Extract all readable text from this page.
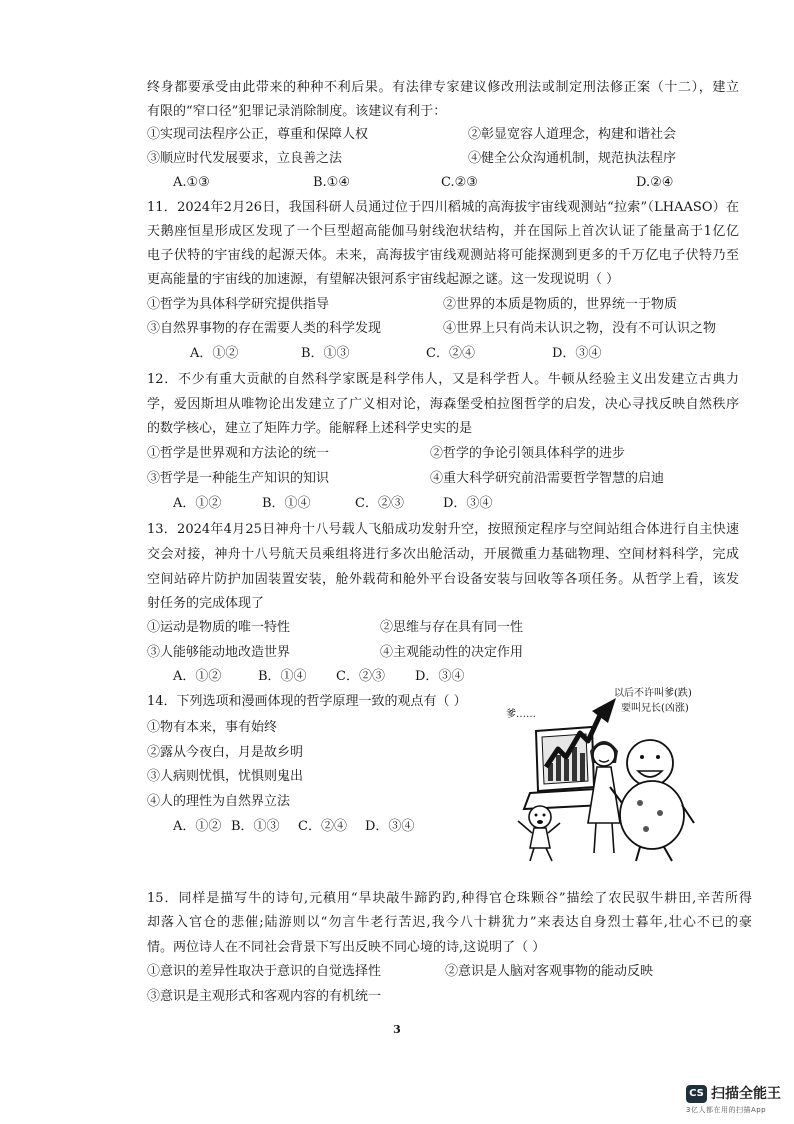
终身都要承受由此带来的种种不利后果。有法律专家建议修改刑法或制定刑法修正案（十二），建立
有限的“窄口径”犯罪记录消除制度。该建议有利于：
①实现司法程序公正，尊重和保障人权	②彰显宽容人道理念，构建和谐社会
③顺应时代发展要求，立良善之法	④健全公众沟通机制，规范执法程序
A.①③	B.①④	C.②③	D.②④
11．2024年2月26日，我国科研人员通过位于四川稻城的高海拔宇宙线观测站“拉索”（LHAASO）在
天鹅座恒星形成区发现了一个巨型超高能伽马射线泡状结构，并在国际上首次认证了能量高于1亿亿
电子伏特的宇宙线的起源天体。未来，高海拔宇宙线观测站将可能探测到更多的千万亿电子伏特乃至
更高能量的宇宙线的加速源，有望解决银河系宇宙线起源之谜。这一发现说明（ ）
①哲学为具体科学研究提供指导	②世界的本质是物质的，世界统一于物质
③自然界事物的存在需要人类的科学发现	④世界上只有尚未认识之物，没有不可认识之物
A．①②	B．①③	C．②④	D．③④
12．不少有重大贡献的自然科学家既是科学伟人，又是科学哲人。牛顿从经验主义出发建立古典力
学，爱因斯坦从唯物论出发建立了广义相对论，海森堡受柏拉图哲学的启发，决心寻找反映自然秩序
的数学核心，建立了矩阵力学。能解释上述科学史实的是
①哲学是世界观和方法论的统一	②哲学的争论引领具体科学的进步
③哲学是一种能生产知识的知识	④重大科学研究前沿需要哲学智慧的启迪
A．①②	B．①④	C．②③	D．③④
13．2024年4月25日神舟十八号载人飞船成功发射升空，按照预定程序与空间站组合体进行自主快速
交会对接，神舟十八号航天员乘组将进行多次出舱活动，开展微重力基础物理、空间材料科学，完成
空间站碎片防护加固装置安装，舱外载荷和舱外平台设备安装与回收等各项任务。从哲学上看，该发
射任务的完成体现了
①运动是物质的唯一特性	②思维与存在具有同一性
③人能够能动地改造世界	④主观能动性的决定作用
A．①②	B．①④ C．②③ D．③④
14．下列选项和漫画体现的哲学原理一致的观点有（ ）
①物有本来，事有始终
②露从今夜白，月是故乡明
③人病则忧惧，忧惧则鬼出
④人的理性为自然界立法
A．①② B．①③ C．②④ D．③④
以后不许叫爹(跌)
要叫兄长(凶涨)
爹……
15．同样是描写牛的诗句,元稹用“旱块敲牛蹄趵趵,种得官仓珠颗谷”描绘了农民驭牛耕田,辛苦所得
却落入官仓的悲催;陆游则以“勿言牛老行苦迟,我今八十耕犹力”来表达自身烈士暮年,壮心不已的豪
情。两位诗人在不同社会背景下写出反映不同心境的诗,这说明了（ ）
①意识的差异性取决于意识的自觉选择性	②意识是人脑对客观事物的能动反映
③意识是主观形式和客观内容的有机统一
3
CS 扫描全能王
3亿人都在用的扫描App
